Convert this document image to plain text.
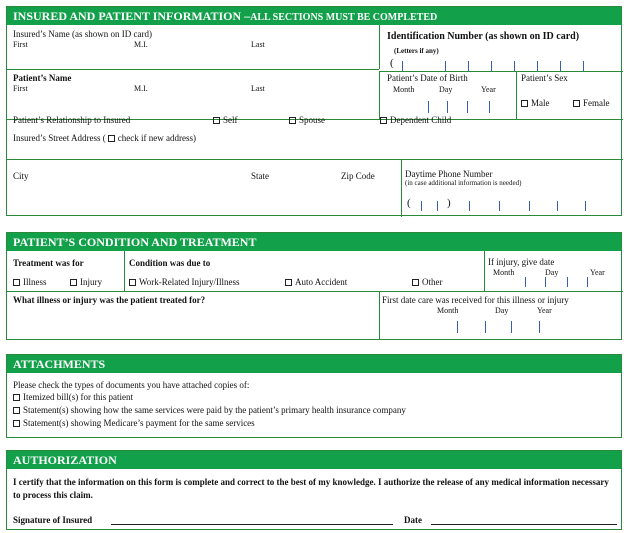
INSURED AND PATIENT INFORMATION –ALL SECTIONS MUST BE COMPLETED
Insured’s Name (as shown on ID card)
First	M.I.	Last
Identification Number (as shown on ID card)
(Letters if any)
(
Patient’s Name
First	M.I.	Last
Patient’s Date of Birth
Month	Day	Year
Patient’s Sex
Male	Female
Patient’s Relationship to Insured	Self	Spouse	Dependent Child
Insured’s Street Address ( check if new address)
City	State	Zip Code	Daytime Phone Number
(in case additional information is needed)
(	)
PATIENT’S CONDITION AND TREATMENT
Treatment was for
Illness	Injury
Condition was due to
Work-Related Injury/Illness	Auto Accident	Other
If injury, give date
Month	Day	Year
What illness or injury was the patient treated for?	First date care was received for this illness or injury
Month	Day	Year
ATTACHMENTS
Please check the types of documents you have attached copies of:
Itemized bill(s) for this patient
Statement(s) showing how the same services were paid by the patient’s primary health insurance company
Statement(s) showing Medicare’s payment for the same services
AUTHORIZATION
I certify that the information on this form is complete and correct to the best of my knowledge. I authorize the release of any medical information necessary to process this claim.
Signature of Insured	Date
